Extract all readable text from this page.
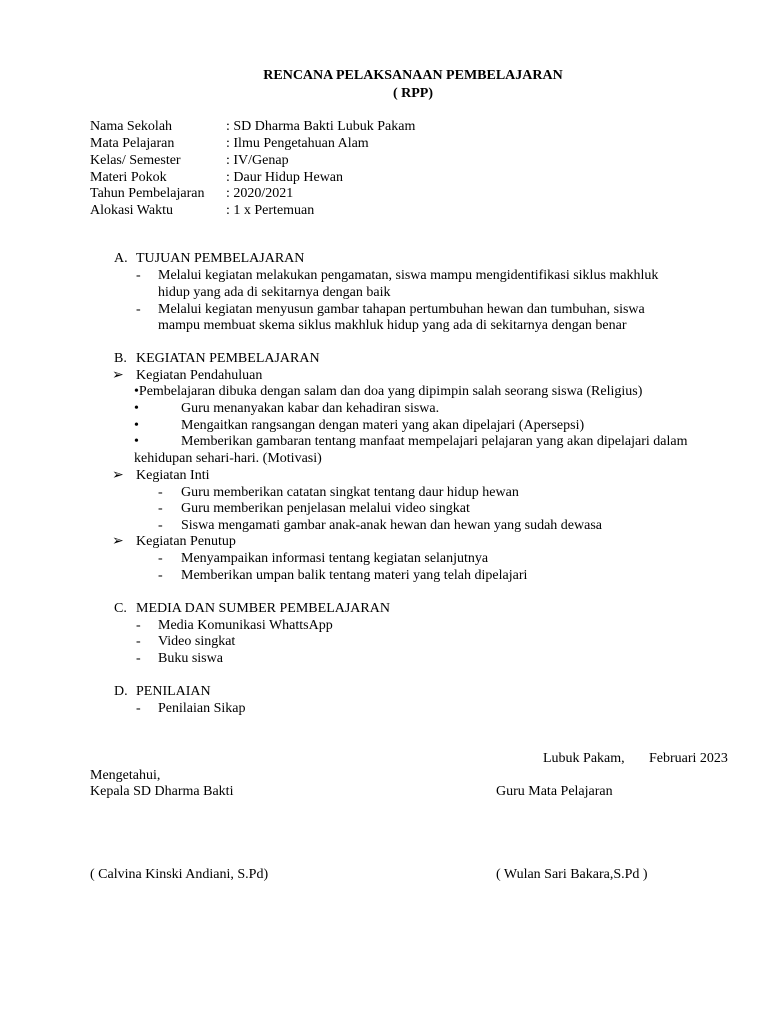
RENCANA PELAKSANAAN PEMBELAJARAN
( RPP)
Nama Sekolah	: SD Dharma Bakti Lubuk Pakam
Mata Pelajaran	: Ilmu Pengetahuan Alam
Kelas/ Semester	: IV/Genap
Materi Pokok	: Daur Hidup Hewan
Tahun Pembelajaran : 2020/2021
Alokasi Waktu	: 1 x Pertemuan
A. TUJUAN PEMBELAJARAN
- Melalui kegiatan melakukan pengamatan, siswa mampu mengidentifikasi siklus makhluk
hidup yang ada di sekitarnya dengan baik
- Melalui kegiatan menyusun gambar tahapan pertumbuhan hewan dan tumbuhan, siswa
mampu membuat skema siklus makhluk hidup yang ada di sekitarnya dengan benar
B. KEGIATAN PEMBELAJARAN
➢ Kegiatan Pendahuluan
•Pembelajaran dibuka dengan salam dan doa yang dipimpin salah seorang siswa (Religius)
•	Guru menanyakan kabar dan kehadiran siswa.
•	Mengaitkan rangsangan dengan materi yang akan dipelajari (Apersepsi)
•	Memberikan gambaran tentang manfaat mempelajari pelajaran yang akan dipelajari dalam
kehidupan sehari-hari. (Motivasi)
➢ Kegiatan Inti
- Guru memberikan catatan singkat tentang daur hidup hewan
- Guru memberikan penjelasan melalui video singkat
- Siswa mengamati gambar anak-anak hewan dan hewan yang sudah dewasa
➢ Kegiatan Penutup
- Menyampaikan informasi tentang kegiatan selanjutnya
- Memberikan umpan balik tentang materi yang telah dipelajari
C. MEDIA DAN SUMBER PEMBELAJARAN
- Media Komunikasi WhattsApp
- Video singkat
- Buku siswa
D. PENILAIAN
- Penilaian Sikap
Lubuk Pakam, Februari 2023
Mengetahui,
Kepala SD Dharma Bakti	Guru Mata Pelajaran
( Calvina Kinski Andiani, S.Pd)	( Wulan Sari Bakara,S.Pd )
